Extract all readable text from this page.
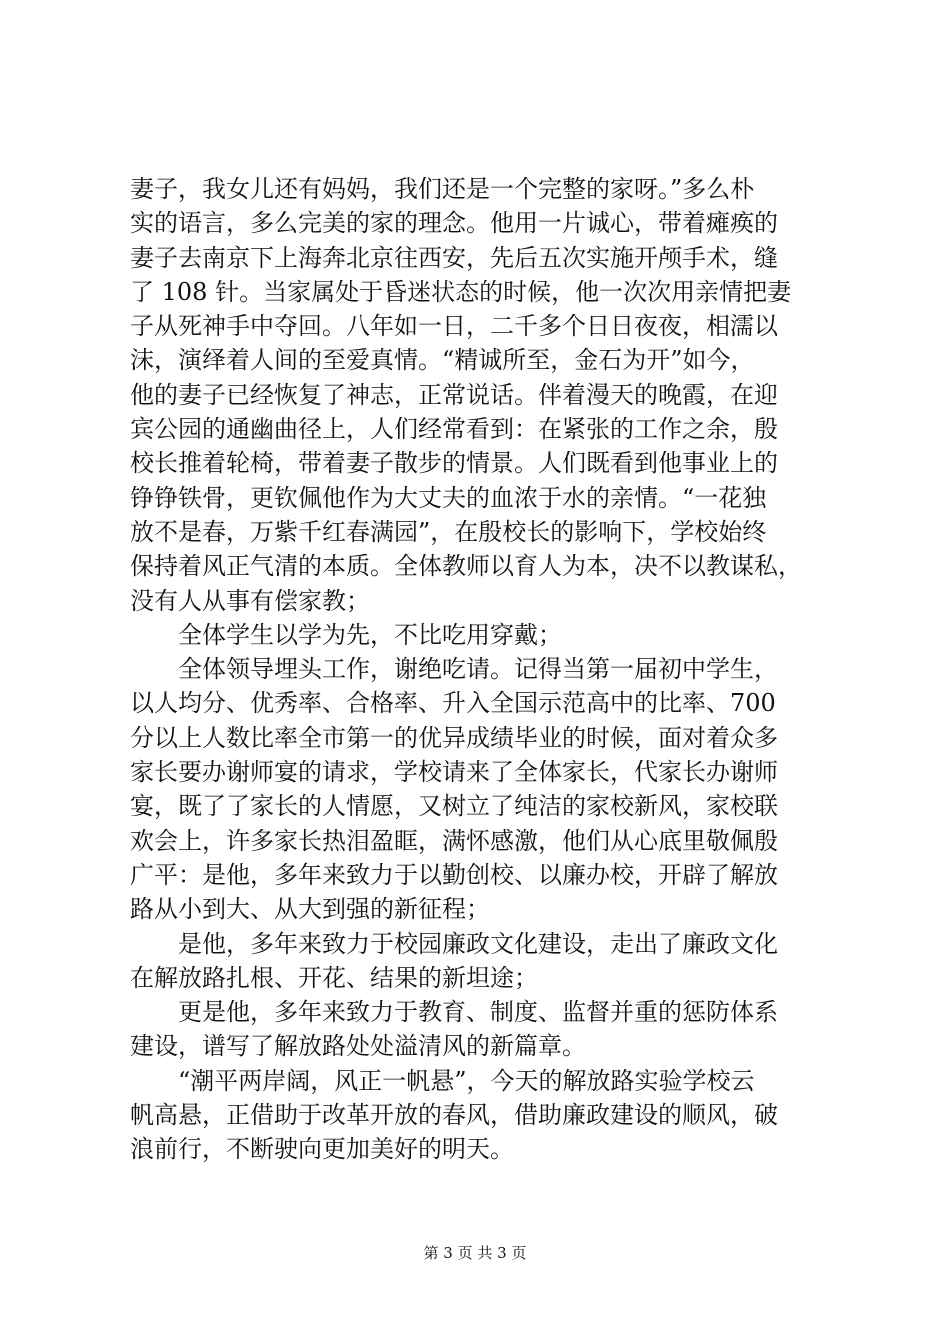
妻子，我女儿还有妈妈，我们还是一个完整的家呀。”多么朴
实的语言，多么完美的家的理念。他用一片诚心，带着瘫痪的
妻子去南京下上海奔北京往西安，先后五次实施开颅手术，缝
了 108 针。当家属处于昏迷状态的时候，他一次次用亲情把妻
子从死神手中夺回。八年如一日，二千多个日日夜夜，相濡以
沫，演绎着人间的至爱真情。“精诚所至，金石为开”如今，
他的妻子已经恢复了神志，正常说话。伴着漫天的晚霞，在迎
宾公园的通幽曲径上，人们经常看到：在紧张的工作之余，殷
校长推着轮椅，带着妻子散步的情景。人们既看到他事业上的
铮铮铁骨，更钦佩他作为大丈夫的血浓于水的亲情。“一花独
放不是春，万紫千红春满园”，在殷校长的影响下，学校始终
保持着风正气清的本质。全体教师以育人为本，决不以教谋私，
没有人从事有偿家教；
全体学生以学为先，不比吃用穿戴；
全体领导埋头工作，谢绝吃请。记得当第一届初中学生，
以人均分、优秀率、合格率、升入全国示范高中的比率、700
分以上人数比率全市第一的优异成绩毕业的时候，面对着众多
家长要办谢师宴的请求，学校请来了全体家长，代家长办谢师
宴，既了了家长的人情愿，又树立了纯洁的家校新风，家校联
欢会上，许多家长热泪盈眶，满怀感激，他们从心底里敬佩殷
广平：是他，多年来致力于以勤创校、以廉办校，开辟了解放
路从小到大、从大到强的新征程；
是他，多年来致力于校园廉政文化建设，走出了廉政文化
在解放路扎根、开花、结果的新坦途；
更是他，多年来致力于教育、制度、监督并重的惩防体系
建设，谱写了解放路处处溢清风的新篇章。
“潮平两岸阔，风正一帆悬”，今天的解放路实验学校云
帆高悬，正借助于改革开放的春风，借助廉政建设的顺风，破
浪前行，不断驶向更加美好的明天。
第 3 页 共 3 页
